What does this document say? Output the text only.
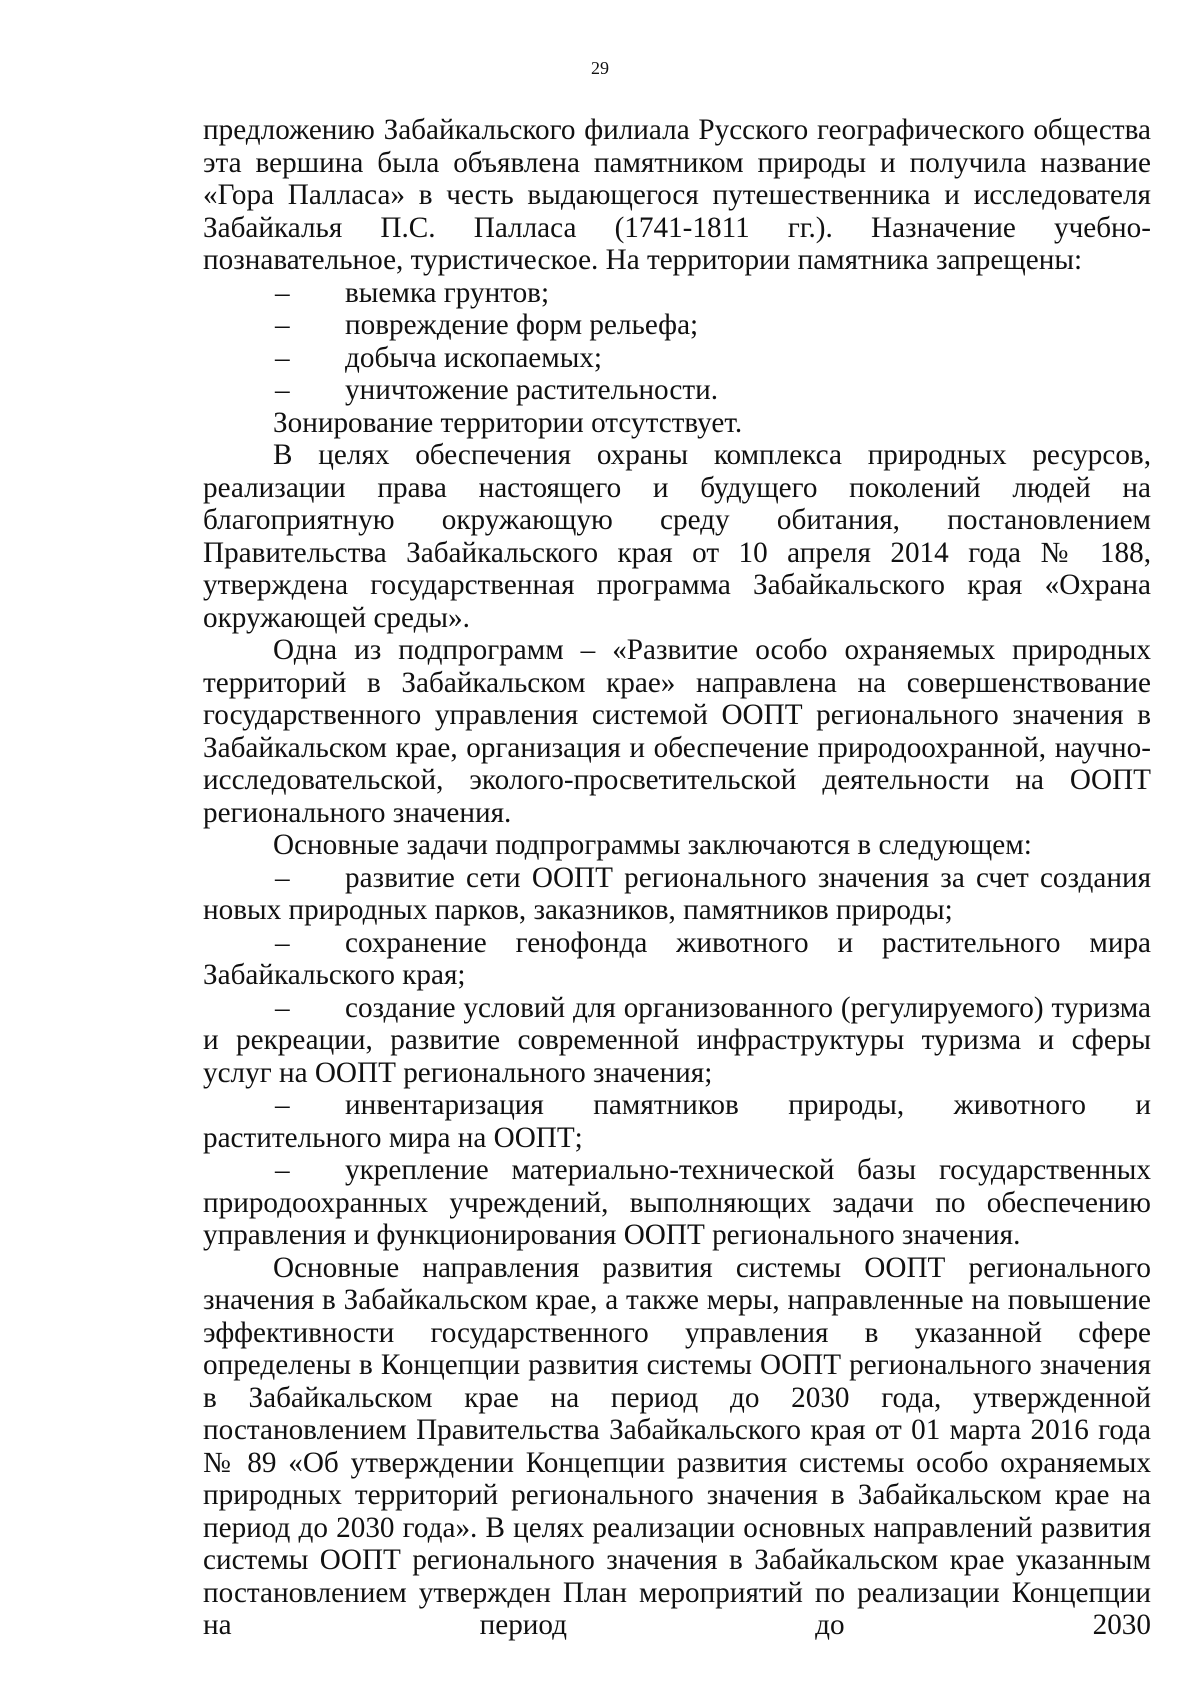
29

предложению Забайкальского филиала Русского географического общества эта вершина была объявлена памятником природы и получила название «Гора Палласа» в честь выдающегося путешественника и исследователя Забайкалья П.С. Палласа (1741-1811 гг.). Назначение учебно-познавательное, туристическое. На территории памятника запрещены:

–	выемка грунтов;

–	повреждение форм рельефа;

–	добыча ископаемых;

–	уничтожение растительности.

Зонирование территории отсутствует.

В целях обеспечения охраны комплекса природных ресурсов, реализации права настоящего и будущего поколений людей на благоприятную окружающую среду обитания, постановлением Правительства Забайкальского края от 10 апреля 2014 года № 188, утверждена государственная программа Забайкальского края «Охрана окружающей среды».

Одна из подпрограмм – «Развитие особо охраняемых природных территорий в Забайкальском крае» направлена на совершенствование государственного управления системой ООПТ регионального значения в Забайкальском крае, организация и обеспечение природоохранной, научно-исследовательской, эколого-просветительской деятельности на ООПТ регионального значения.

Основные задачи подпрограммы заключаются в следующем:

– развитие сети ООПТ регионального значения за счет создания новых природных парков, заказников, памятников природы;

– сохранение генофонда животного и растительного мира Забайкальского края;

– создание условий для организованного (регулируемого) туризма и рекреации, развитие современной инфраструктуры туризма и сферы услуг на ООПТ регионального значения;

– инвентаризация памятников природы, животного и растительного мира на ООПТ;

– укрепление материально-технической базы государственных природоохранных учреждений, выполняющих задачи по обеспечению управления и функционирования ООПТ регионального значения.

Основные направления развития системы ООПТ регионального значения в Забайкальском крае, а также меры, направленные на повышение эффективности государственного управления в указанной сфере определены в Концепции развития системы ООПТ регионального значения в Забайкальском крае на период до 2030 года, утвержденной постановлением Правительства Забайкальского края от 01 марта 2016 года № 89 «Об утверждении Концепции развития системы особо охраняемых природных территорий регионального значения в Забайкальском крае на период до 2030 года». В целях реализации основных направлений развития системы ООПТ регионального значения в Забайкальском крае указанным постановлением утвержден План мероприятий по реализации Концепции на период до 2030
